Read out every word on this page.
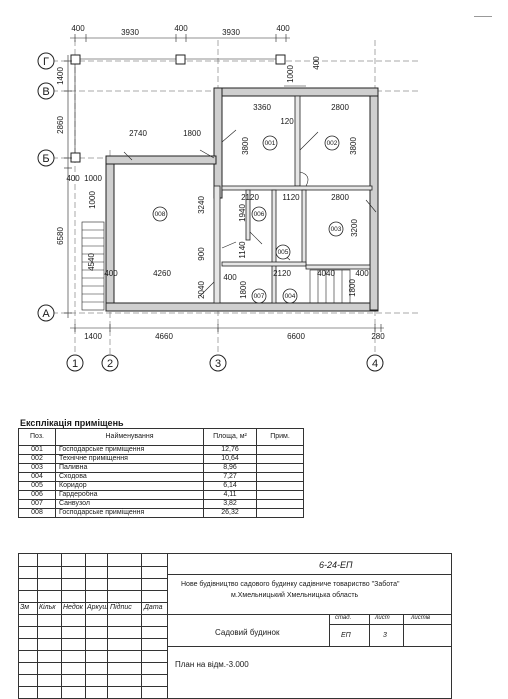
Г
В
Б
А
1	2	3	4
400	3930	400	3930	400
400
1400
2860
400 1000
6580
4540
001	002
003
004
005
006
007
008
1000
3360	2800
120
2740	1800
3800	3800
1000	3240	2120	1120	2800
1940
3200
900	1140
4260	4040
2040	1800
2120
1800
400	400	400
1400	4660	6600	280
Експлікація приміщень
Поз.	Найменування	Площа, м²	Прим.
001	Господарське приміщення	12,76	
002	Технічне приміщення	10,64	
003	Паливна	8,96	
004	Сходова	7,27	
005	Коридор	6,14	
006	Гардеробна	4,11	
007	Санвузол	3,82	
008	Господарське приміщення	26,32	
Зм Кільк Недок Аркуш Підпис Дата
6-24-ЕП
Нове будівництво садового будинку садівниче товариство "Забота"
м.Хмельницький Хмельницька область
Садовий будинок
стад.	лист	листів
ЕП	3
План на відм.-3.000
